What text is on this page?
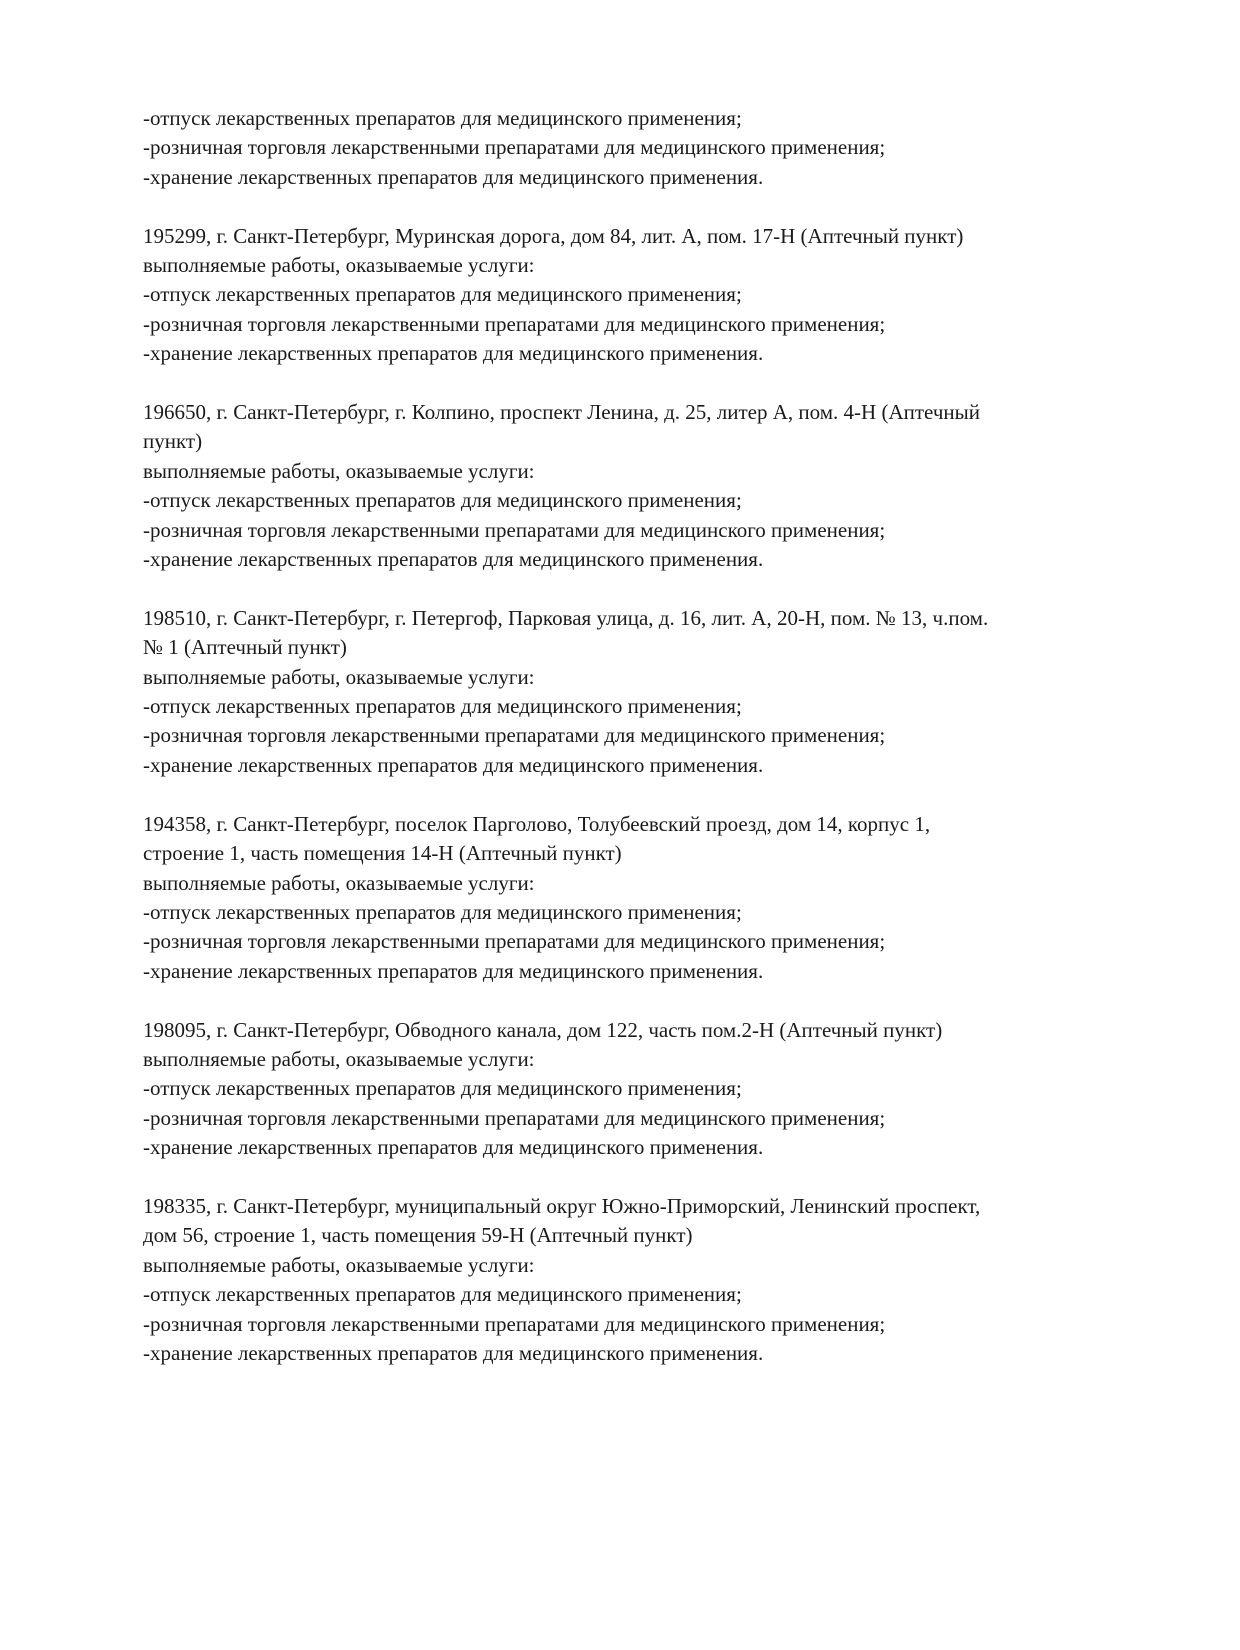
-отпуск лекарственных препаратов для медицинского применения;
-розничная торговля лекарственными препаратами для медицинского применения;
-хранение лекарственных препаратов для медицинского применения.
195299, г. Санкт-Петербург, Муринская дорога, дом 84, лит. А, пом. 17-Н (Аптечный пункт)
выполняемые работы, оказываемые услуги:
-отпуск лекарственных препаратов для медицинского применения;
-розничная торговля лекарственными препаратами для медицинского применения;
-хранение лекарственных препаратов для медицинского применения.
196650, г. Санкт-Петербург, г. Колпино, проспект Ленина, д. 25, литер А, пом. 4-Н (Аптечный
пункт)
выполняемые работы, оказываемые услуги:
-отпуск лекарственных препаратов для медицинского применения;
-розничная торговля лекарственными препаратами для медицинского применения;
-хранение лекарственных препаратов для медицинского применения.
198510, г. Санкт-Петербург, г. Петергоф, Парковая улица, д. 16, лит. А, 20-Н, пом. № 13, ч.пом.
№ 1 (Аптечный пункт)
выполняемые работы, оказываемые услуги:
-отпуск лекарственных препаратов для медицинского применения;
-розничная торговля лекарственными препаратами для медицинского применения;
-хранение лекарственных препаратов для медицинского применения.
194358, г. Санкт-Петербург, поселок Парголово, Толубеевский проезд, дом 14, корпус 1,
строение 1, часть помещения 14-Н (Аптечный пункт)
выполняемые работы, оказываемые услуги:
-отпуск лекарственных препаратов для медицинского применения;
-розничная торговля лекарственными препаратами для медицинского применения;
-хранение лекарственных препаратов для медицинского применения.
198095, г. Санкт-Петербург, Обводного канала, дом 122, часть пом.2-Н (Аптечный пункт)
выполняемые работы, оказываемые услуги:
-отпуск лекарственных препаратов для медицинского применения;
-розничная торговля лекарственными препаратами для медицинского применения;
-хранение лекарственных препаратов для медицинского применения.
198335, г. Санкт-Петербург, муниципальный округ Южно-Приморский, Ленинский проспект,
дом 56, строение 1, часть помещения 59-Н (Аптечный пункт)
выполняемые работы, оказываемые услуги:
-отпуск лекарственных препаратов для медицинского применения;
-розничная торговля лекарственными препаратами для медицинского применения;
-хранение лекарственных препаратов для медицинского применения.
